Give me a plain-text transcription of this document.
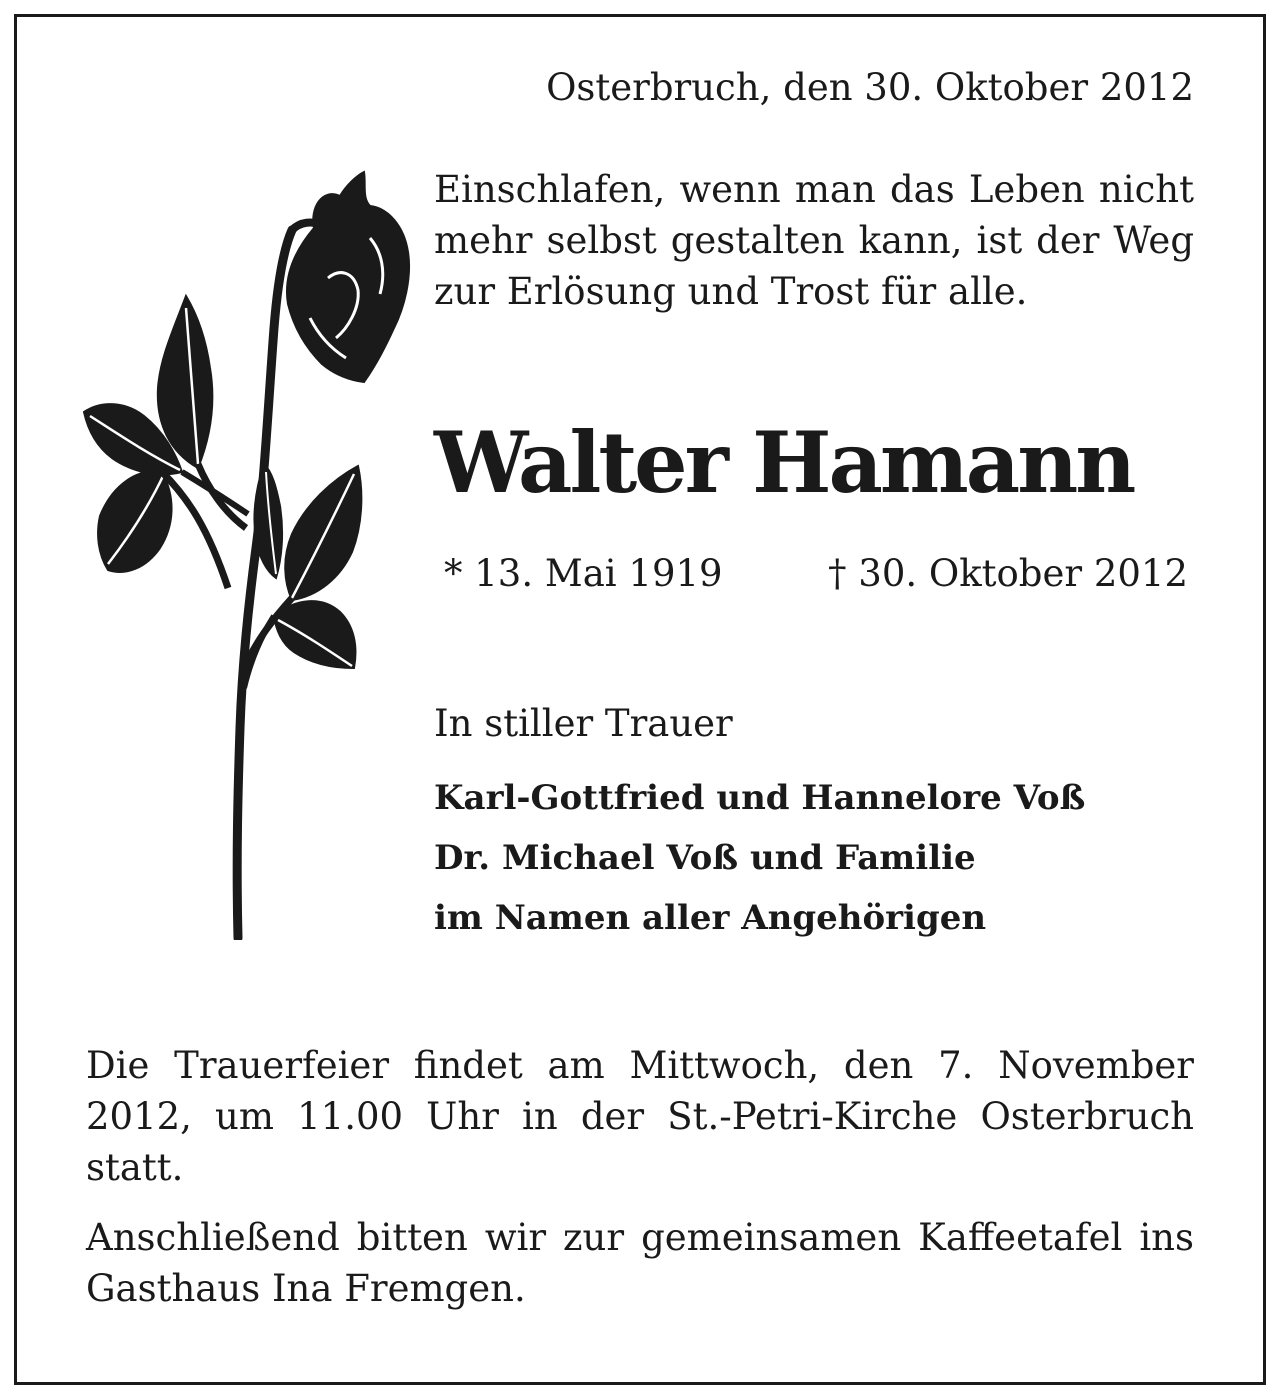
Osterbruch, den 30. Oktober 2012

Einschlafen, wenn man das Leben nicht mehr selbst gestalten kann, ist der Weg zur Erlösung und Trost für alle.

Walter Hamann
* 13. Mai 1919	† 30. Oktober 2012
In stiller Trauer
Karl-Gottfried und Hannelore Voß
Dr. Michael Voß und Familie
im Namen aller Angehörigen

Die Trauerfeier findet am Mittwoch, den 7. November 2012, um 11.00 Uhr in der St.-Petri-Kirche Osterbruch statt.

Anschließend bitten wir zur gemeinsamen Kaffeetafel ins Gasthaus Ina Fremgen.
